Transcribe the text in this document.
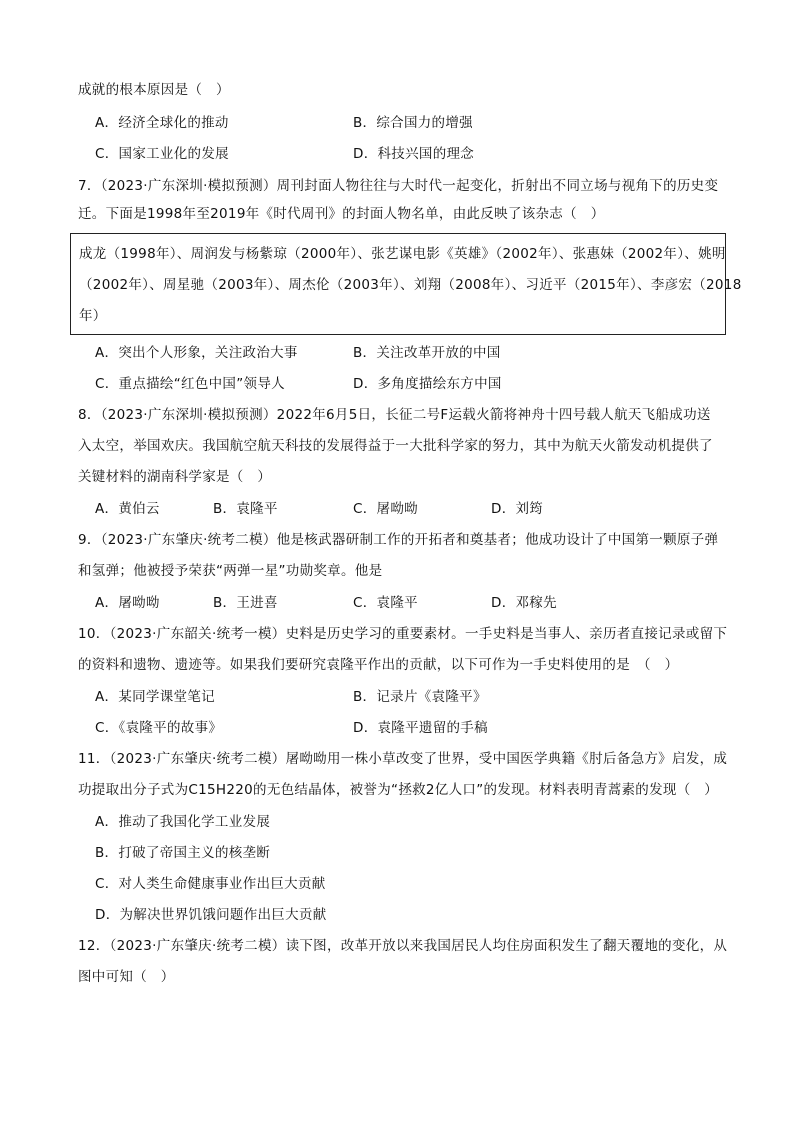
成就的根本原因是（　）
A．经济全球化的推动	B．综合国力的增强
C．国家工业化的发展	D．科技兴国的理念
7．（2023·广东深圳·模拟预测）周刊封面人物往往与大时代一起变化，折射出不同立场与视角下的历史变
迁。下面是1998年至2019年《时代周刊》的封面人物名单，由此反映了该杂志（　）
成龙（1998年）、周润发与杨紫琼（2000年）、张艺谋电影《英雄》（2002年）、张惠妹（2002年）、姚明
（2002年）、周星驰（2003年）、周杰伦（2003年）、刘翔（2008年）、习近平（2015年）、李彦宏（2018
年）
A．突出个人形象，关注政治大事	B．关注改革开放的中国
C．重点描绘“红色中国”领导人	D．多角度描绘东方中国
8．（2023·广东深圳·模拟预测）2022年6月5日，长征二号F运载火箭将神舟十四号载人航天飞船成功送
入太空，举国欢庆。我国航空航天科技的发展得益于一大批科学家的努力，其中为航天火箭发动机提供了
关键材料的湖南科学家是（　）
A．黄伯云	B．袁隆平	C．屠呦呦	D．刘筠
9．（2023·广东肇庆·统考二模）他是核武器研制工作的开拓者和奠基者；他成功设计了中国第一颗原子弹
和氢弹；他被授予荣获“两弹一星”功勋奖章。他是
A．屠呦呦	B．王进喜	C．袁隆平	D．邓稼先
10．（2023·广东韶关·统考一模）史料是历史学习的重要素材。一手史料是当事人、亲历者直接记录或留下
的资料和遗物、遗迹等。如果我们要研究袁隆平作出的贡献，以下可作为一手史料使用的是　（　）
A．某同学课堂笔记	B．记录片《袁隆平》
C．《袁隆平的故事》	D．袁隆平遗留的手稿
11．（2023·广东肇庆·统考二模）屠呦呦用一株小草改变了世界，受中国医学典籍《肘后备急方》启发，成
功提取出分子式为C15H220的无色结晶体，被誉为“拯救2亿人口”的发现。材料表明青蒿素的发现（　）
A．推动了我国化学工业发展
B．打破了帝国主义的核垄断
C．对人类生命健康事业作出巨大贡献
D．为解决世界饥饿问题作出巨大贡献
12．（2023·广东肇庆·统考二模）读下图，改革开放以来我国居民人均住房面积发生了翻天覆地的变化，从
图中可知（　）
